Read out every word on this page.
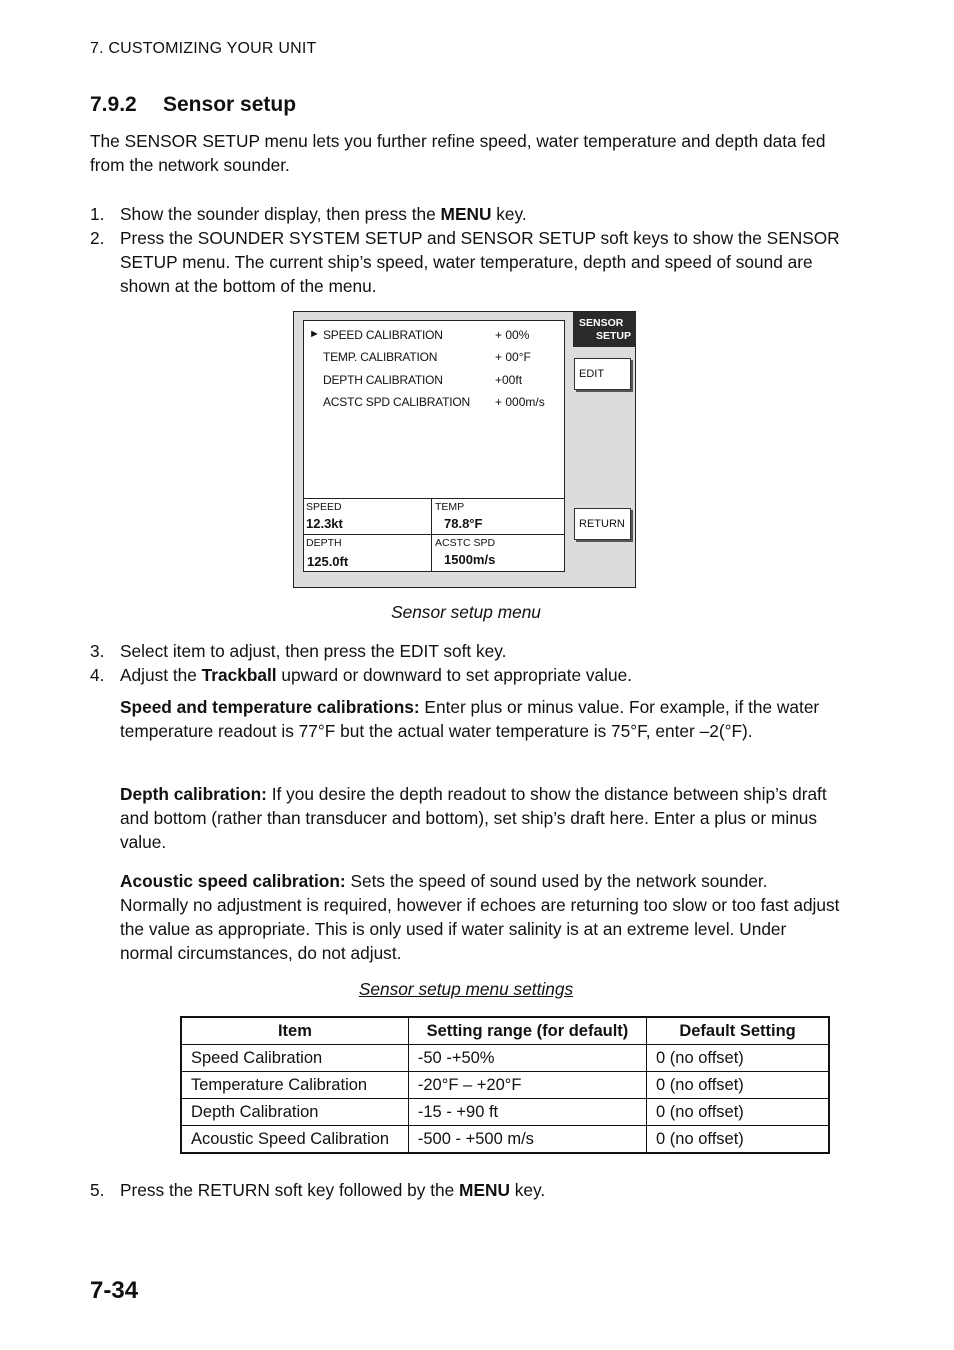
7. CUSTOMIZING YOUR UNIT
7.9.2 Sensor setup
The SENSOR SETUP menu lets you further refine speed, water temperature and depth data fed from the network sounder.
1. Show the sounder display, then press the MENU key.
2. Press the SOUNDER SYSTEM SETUP and SENSOR SETUP soft keys to show the SENSOR SETUP menu. The current ship’s speed, water temperature, depth and speed of sound are shown at the bottom of the menu.
► SPEED CALIBRATION	+ 00%
TEMP. CALIBRATION	+ 00°F
DEPTH CALIBRATION	+00ft
ACSTC SPD CALIBRATION + 000m/s
SPEED
12.3kt
TEMP
78.8°F
DEPTH
125.0ft
ACSTC SPD
1500m/s
SENSOR
SETUP
EDIT
RETURN
Sensor setup menu
3. Select item to adjust, then press the EDIT soft key.
4. Adjust the Trackball upward or downward to set appropriate value.
Speed and temperature calibrations: Enter plus or minus value. For example, if the water temperature readout is 77°F but the actual water temperature is 75°F, enter –2(°F).
Depth calibration: If you desire the depth readout to show the distance between ship’s draft and bottom (rather than transducer and bottom), set ship’s draft here. Enter a plus or minus value.
Acoustic speed calibration: Sets the speed of sound used by the network sounder. Normally no adjustment is required, however if echoes are returning too slow or too fast adjust the value as appropriate. This is only used if water salinity is at an extreme level. Under normal circumstances, do not adjust.
Sensor setup menu settings
Item	Setting range (for default)	Default Setting
Speed Calibration	-50 -+50%	0 (no offset)
Temperature Calibration	-20°F – +20°F	0 (no offset)
Depth Calibration	-15 - +90 ft	0 (no offset)
Acoustic Speed Calibration	-500 - +500 m/s	0 (no offset)
5. Press the RETURN soft key followed by the MENU key.
7-34
